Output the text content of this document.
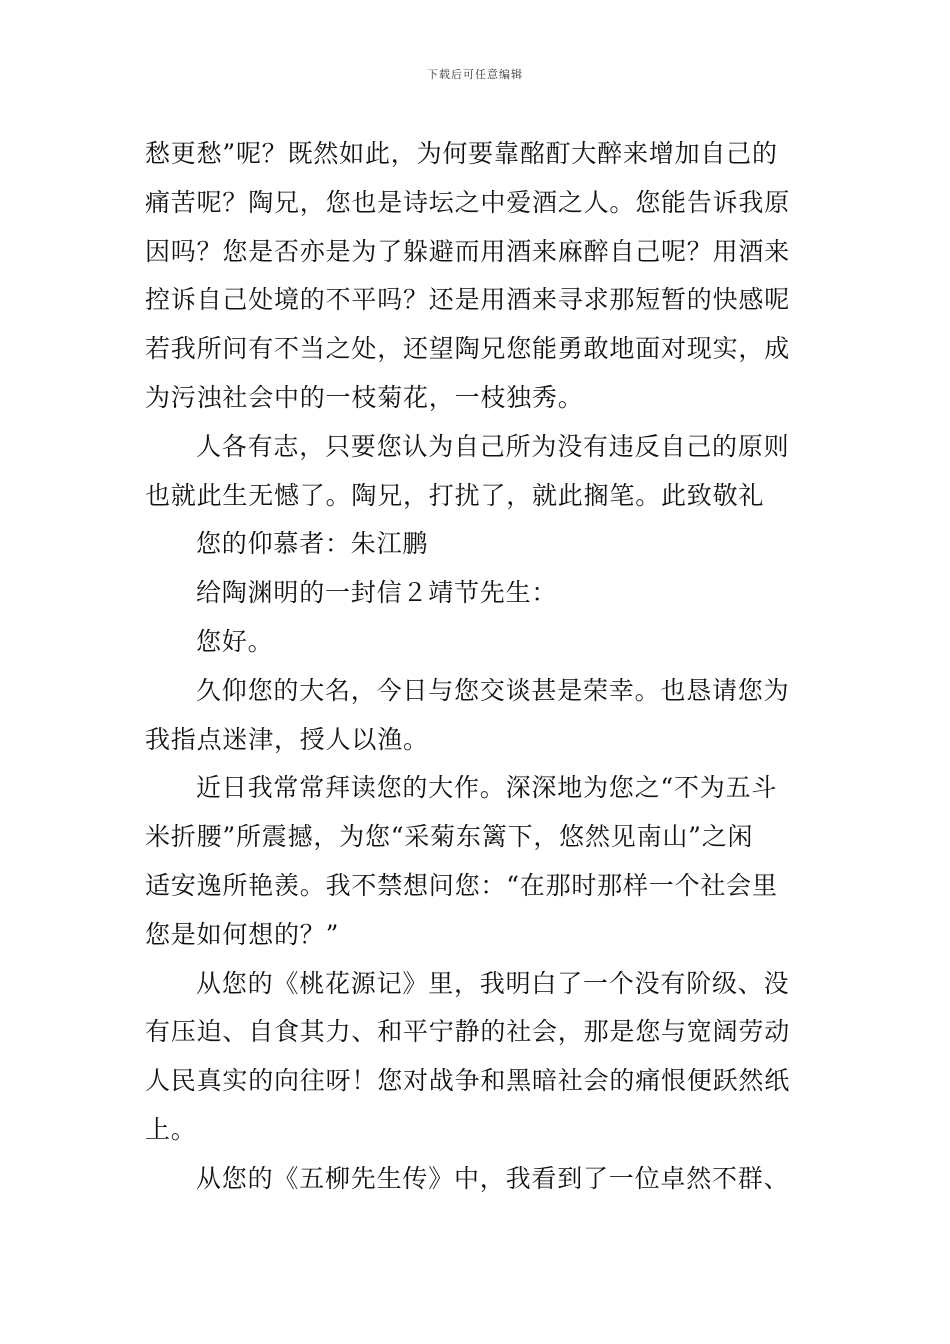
下载后可任意编辑
愁更愁”呢？既然如此，为何要靠酩酊大醉来增加自己的
痛苦呢？陶兄，您也是诗坛之中爱酒之人。您能告诉我原
因吗？您是否亦是为了躲避而用酒来麻醉自己呢？用酒来
控诉自己处境的不平吗？还是用酒来寻求那短暂的快感呢
若我所问有不当之处，还望陶兄您能勇敢地面对现实，成
为污浊社会中的一枝菊花，一枝独秀。
人各有志，只要您认为自己所为没有违反自己的原则
也就此生无憾了。陶兄，打扰了，就此搁笔。此致敬礼
您的仰慕者：朱江鹏
给陶渊明的一封信２靖节先生：
您好。
久仰您的大名，今日与您交谈甚是荣幸。也恳请您为
我指点迷津，授人以渔。
近日我常常拜读您的大作。深深地为您之“不为五斗
米折腰”所震撼，为您“采菊东篱下，悠然见南山”之闲
适安逸所艳羡。我不禁想问您：“在那时那样一个社会里
您是如何想的？”
从您的《桃花源记》里，我明白了一个没有阶级、没
有压迫、自食其力、和平宁静的社会，那是您与宽阔劳动
人民真实的向往呀！您对战争和黑暗社会的痛恨便跃然纸
上。
从您的《五柳先生传》中，我看到了一位卓然不群、
